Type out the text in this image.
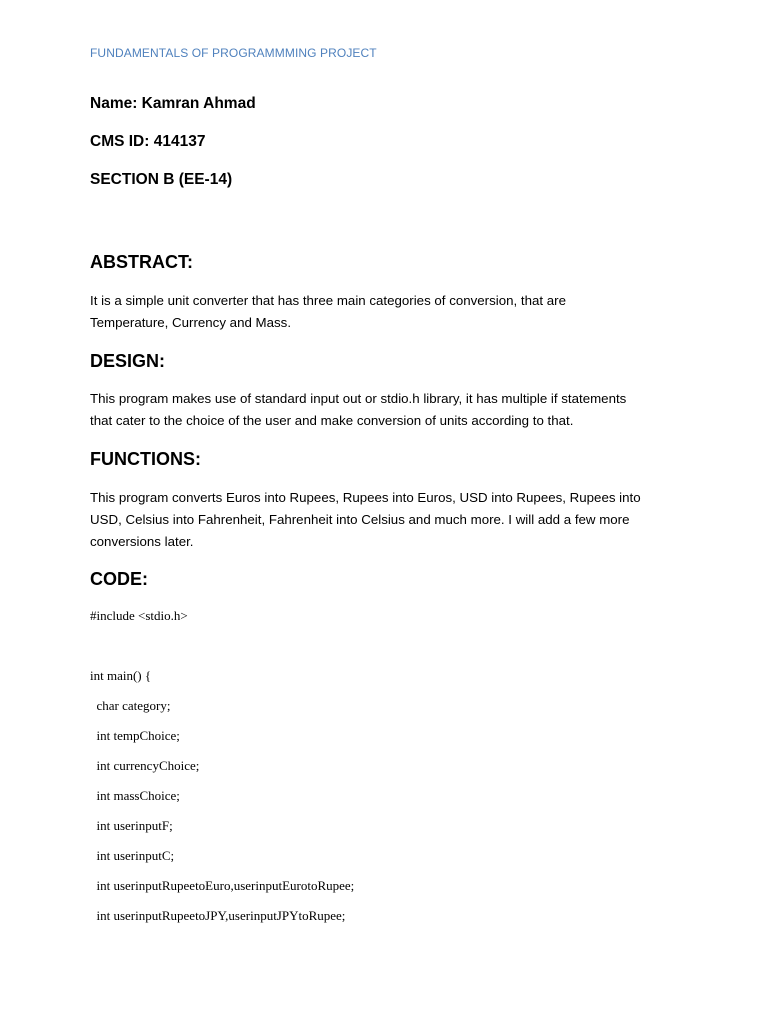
FUNDAMENTALS OF PROGRAMMMING PROJECT
Name: Kamran Ahmad
CMS ID: 414137
SECTION B (EE-14)
ABSTRACT:
It is a simple unit converter that has three main categories of conversion, that are
Temperature, Currency and Mass.
DESIGN:
This program makes use of standard input out or stdio.h library, it has multiple if statements
that cater to the choice of the user and make conversion of units according to that.
FUNCTIONS:
This program converts Euros into Rupees, Rupees into Euros, USD into Rupees, Rupees into
USD, Celsius into Fahrenheit, Fahrenheit into Celsius and much more. I will add a few more
conversions later.
CODE:
#include <stdio.h>
int main() {
char category;
int tempChoice;
int currencyChoice;
int massChoice;
int userinputF;
int userinputC;
int userinputRupeetoEuro,userinputEurotoRupee;
int userinputRupeetoJPY,userinputJPYtoRupee;
